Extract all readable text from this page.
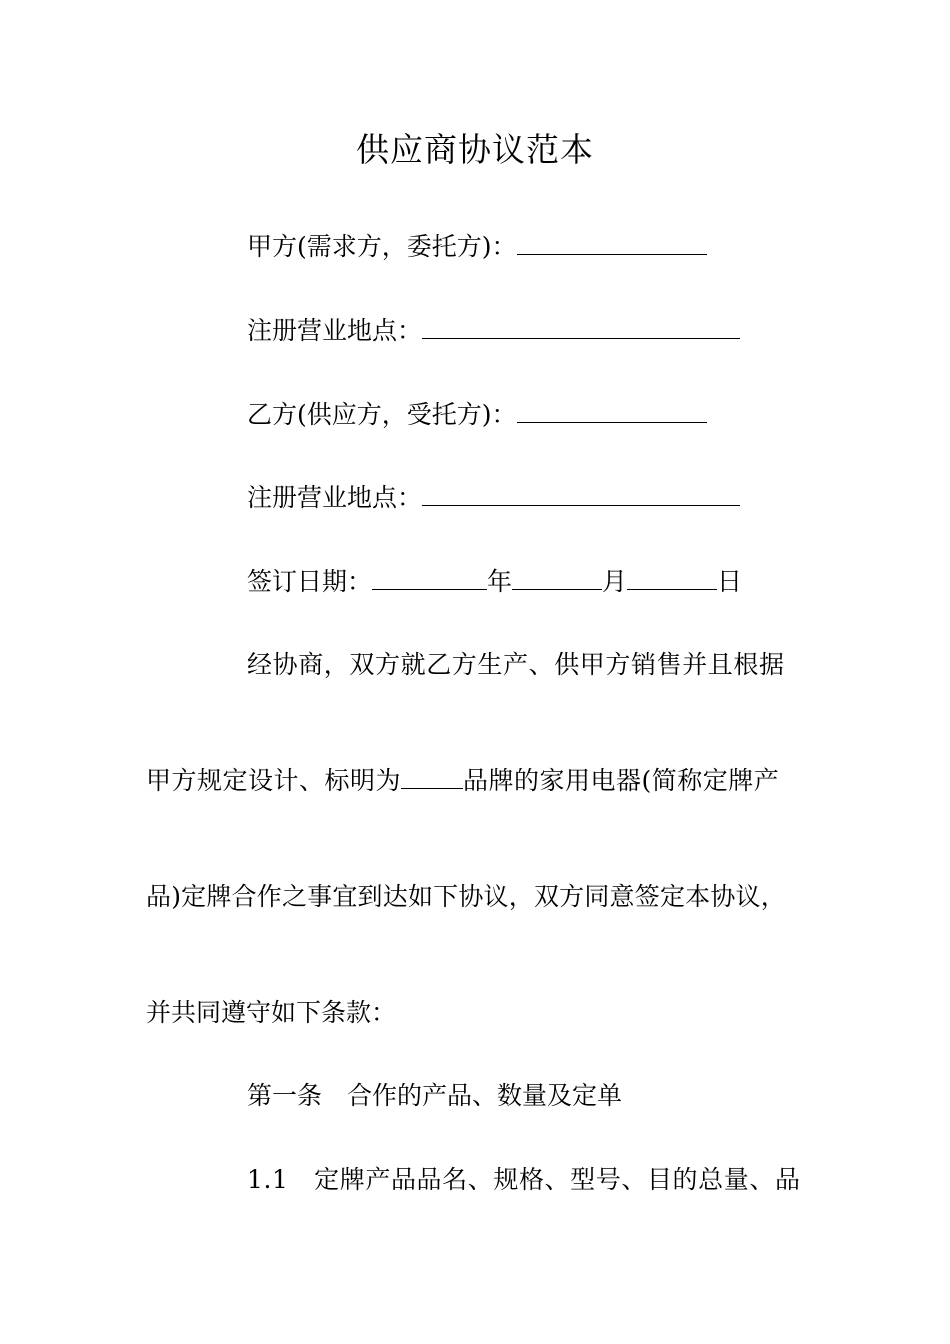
供应商协议范本
甲方(需求方，委托方)：
注册营业地点：
乙方(供应方，受托方)：
注册营业地点：
签订日期：	年	月	日
经协商，双方就乙方生产、供甲方销售并且根据
甲方规定设计、标明为 品牌的家用电器(简称定牌产
品)定牌合作之事宜到达如下协议，双方同意签定本协议，
并共同遵守如下条款：
第一条　合作的产品、数量及定单
1.1　定牌产品品名、规格、型号、目的总量、品
